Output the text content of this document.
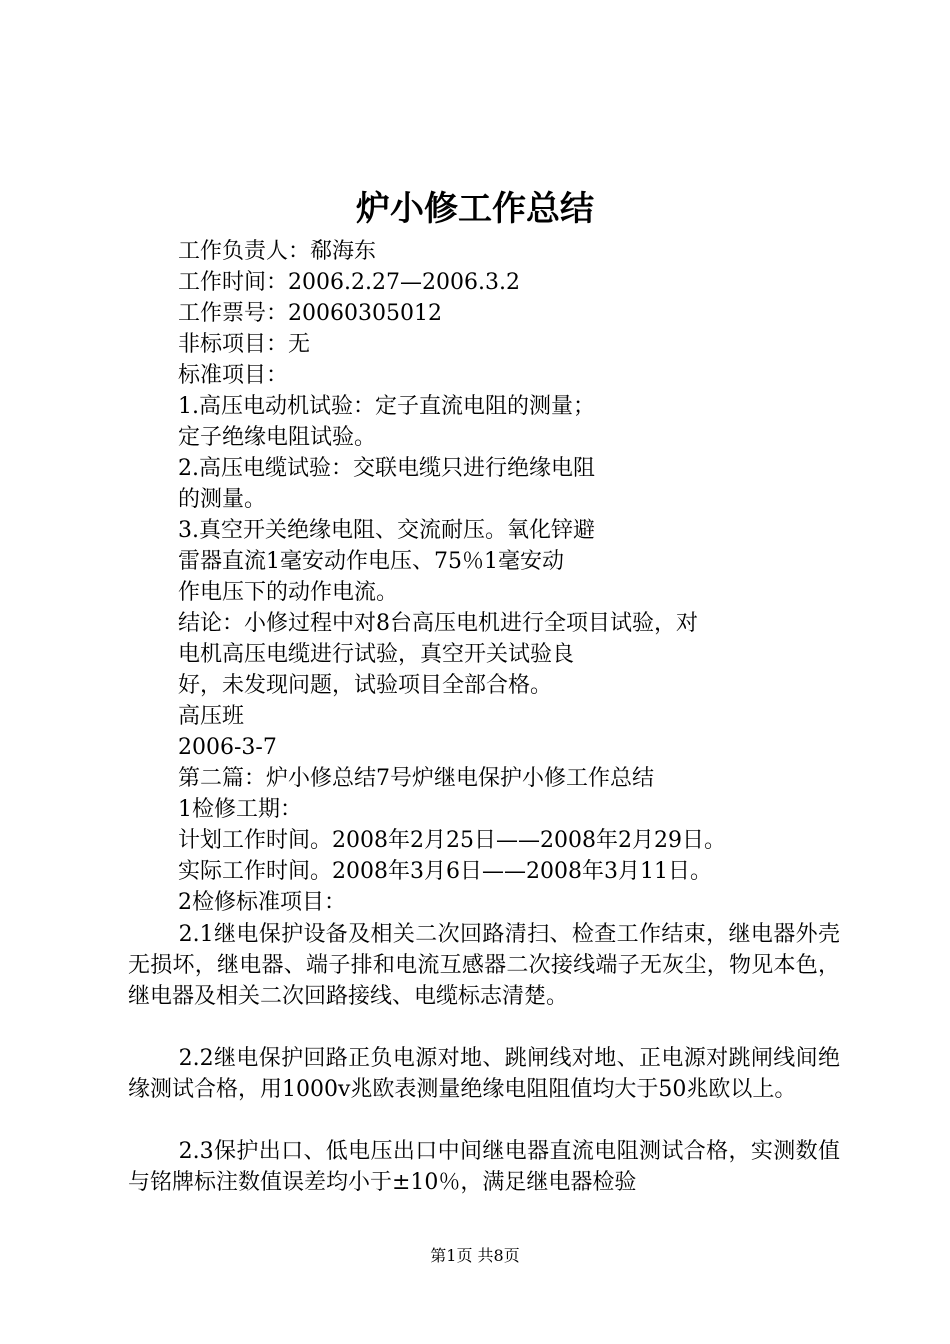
炉小修工作总结

工作负责人：郗海东

工作时间：2006.2.27—2006.3.2

工作票号：20060305012

非标项目：无

标准项目：

1.高压电动机试验：定子直流电阻的测量；

定子绝缘电阻试验。

2.高压电缆试验：交联电缆只进行绝缘电阻

的测量。

3.真空开关绝缘电阻、交流耐压。氧化锌避

雷器直流1毫安动作电压、75％1毫安动

作电压下的动作电流。

结论：小修过程中对8台高压电机进行全项目试验，对

电机高压电缆进行试验，真空开关试验良

好，未发现问题，试验项目全部合格。

高压班

2006-3-7

第二篇：炉小修总结7号炉继电保护小修工作总结

1检修工期：

计划工作时间。2008年2月25日——2008年2月29日。

实际工作时间。2008年3月6日——2008年3月11日。

2检修标准项目：

2.1继电保护设备及相关二次回路清扫、检查工作结束，继电器外壳无损坏，继电器、端子排和电流互感器二次接线端子无灰尘，物见本色，继电器及相关二次回路接线、电缆标志清楚。

2.2继电保护回路正负电源对地、跳闸线对地、正电源对跳闸线间绝缘测试合格，用1000v兆欧表测量绝缘电阻阻值均大于50兆欧以上。

2.3保护出口、低电压出口中间继电器直流电阻测试合格，实测数值与铭牌标注数值误差均小于±10％，满足继电器检验

第1页 共8页
